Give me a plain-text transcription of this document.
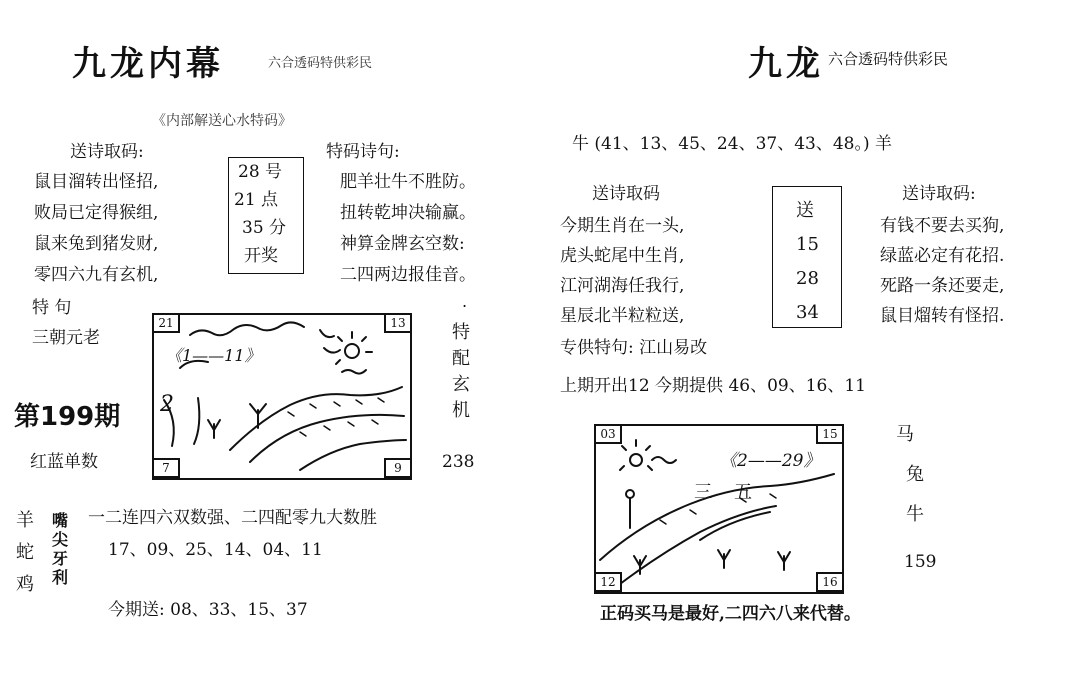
九龙内幕	六合透码特供彩民
《内部解送心水特码》
送诗取码:
鼠目溜转出怪招,
败局已定得猴组,
鼠来兔到猪发财,
零四六九有玄机,
28 号
21 点
35 分
开奖
特码诗句:
肥羊壮牛不胜防。
扭转乾坤决输赢。
神算金牌玄空数:
二四两边报佳音。
特 句
三朝元老
第199期
红蓝单数
2
《1——11》
21	13
7	9
.
特
配
玄
机
238
羊
蛇
鸡
嘴
尖
牙
利
一二连四六双数强、二四配零九大数胜
17、09、25、14、04、11
今期送: 08、33、15、37
九龙 六合透码特供彩民
牛 (41、13、45、24、37、43、48。) 羊
送诗取码
今期生肖在一头,
虎头蛇尾中生肖,
江河湖海任我行,
星辰北半粒粒送,
专供特句: 江山易改
送
15
28
34
送诗取码:
有钱不要去买狗,
绿蓝必定有花招.
死路一条还要走,
鼠目熘转有怪招.
上期开出12 今期提供 46、09、16、11
《2——29》
三 五
03	15
12	16
马
兔
牛
159
正码买马是最好,二四六八来代替。
